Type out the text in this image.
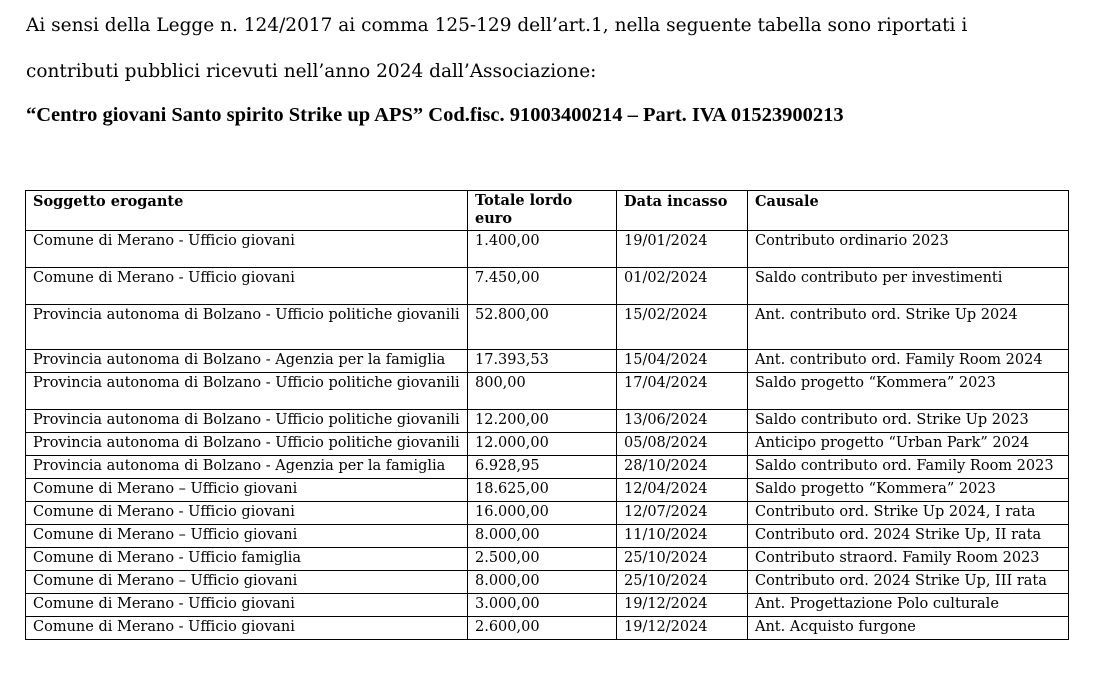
Ai sensi della Legge n. 124/2017 ai comma 125-129 dell’art.1, nella seguente tabella sono riportati i
contributi pubblici ricevuti nell’anno 2024 dall’Associazione:

“Centro giovani Santo spirito Strike up APS” Cod.fisc. 91003400214 – Part. IVA 01523900213

Soggetto erogante	Totale lordo euro	Data incasso	Causale
Comune di Merano - Ufficio giovani	1.400,00	19/01/2024	Contributo ordinario 2023
Comune di Merano - Ufficio giovani	7.450,00	01/02/2024	Saldo contributo per investimenti
Provincia autonoma di Bolzano - Ufficio politiche giovanili	52.800,00	15/02/2024	Ant. contributo ord. Strike Up 2024
Provincia autonoma di Bolzano - Agenzia per la famiglia	17.393,53	15/04/2024	Ant. contributo ord. Family Room 2024
Provincia autonoma di Bolzano - Ufficio politiche giovanili	800,00	17/04/2024	Saldo progetto “Kommera” 2023
Provincia autonoma di Bolzano - Ufficio politiche giovanili	12.200,00	13/06/2024	Saldo contributo ord. Strike Up 2023
Provincia autonoma di Bolzano - Ufficio politiche giovanili	12.000,00	05/08/2024	Anticipo progetto “Urban Park” 2024
Provincia autonoma di Bolzano - Agenzia per la famiglia	6.928,95	28/10/2024	Saldo contributo ord. Family Room 2023
Comune di Merano – Ufficio giovani	18.625,00	12/04/2024	Saldo progetto “Kommera” 2023
Comune di Merano - Ufficio giovani	16.000,00	12/07/2024	Contributo ord. Strike Up 2024, I rata
Comune di Merano – Ufficio giovani	8.000,00	11/10/2024	Contributo ord. 2024 Strike Up, II rata
Comune di Merano - Ufficio famiglia	2.500,00	25/10/2024	Contributo straord. Family Room 2023
Comune di Merano – Ufficio giovani	8.000,00	25/10/2024	Contributo ord. 2024 Strike Up, III rata
Comune di Merano - Ufficio giovani	3.000,00	19/12/2024	Ant. Progettazione Polo culturale
Comune di Merano - Ufficio giovani	2.600,00	19/12/2024	Ant. Acquisto furgone
